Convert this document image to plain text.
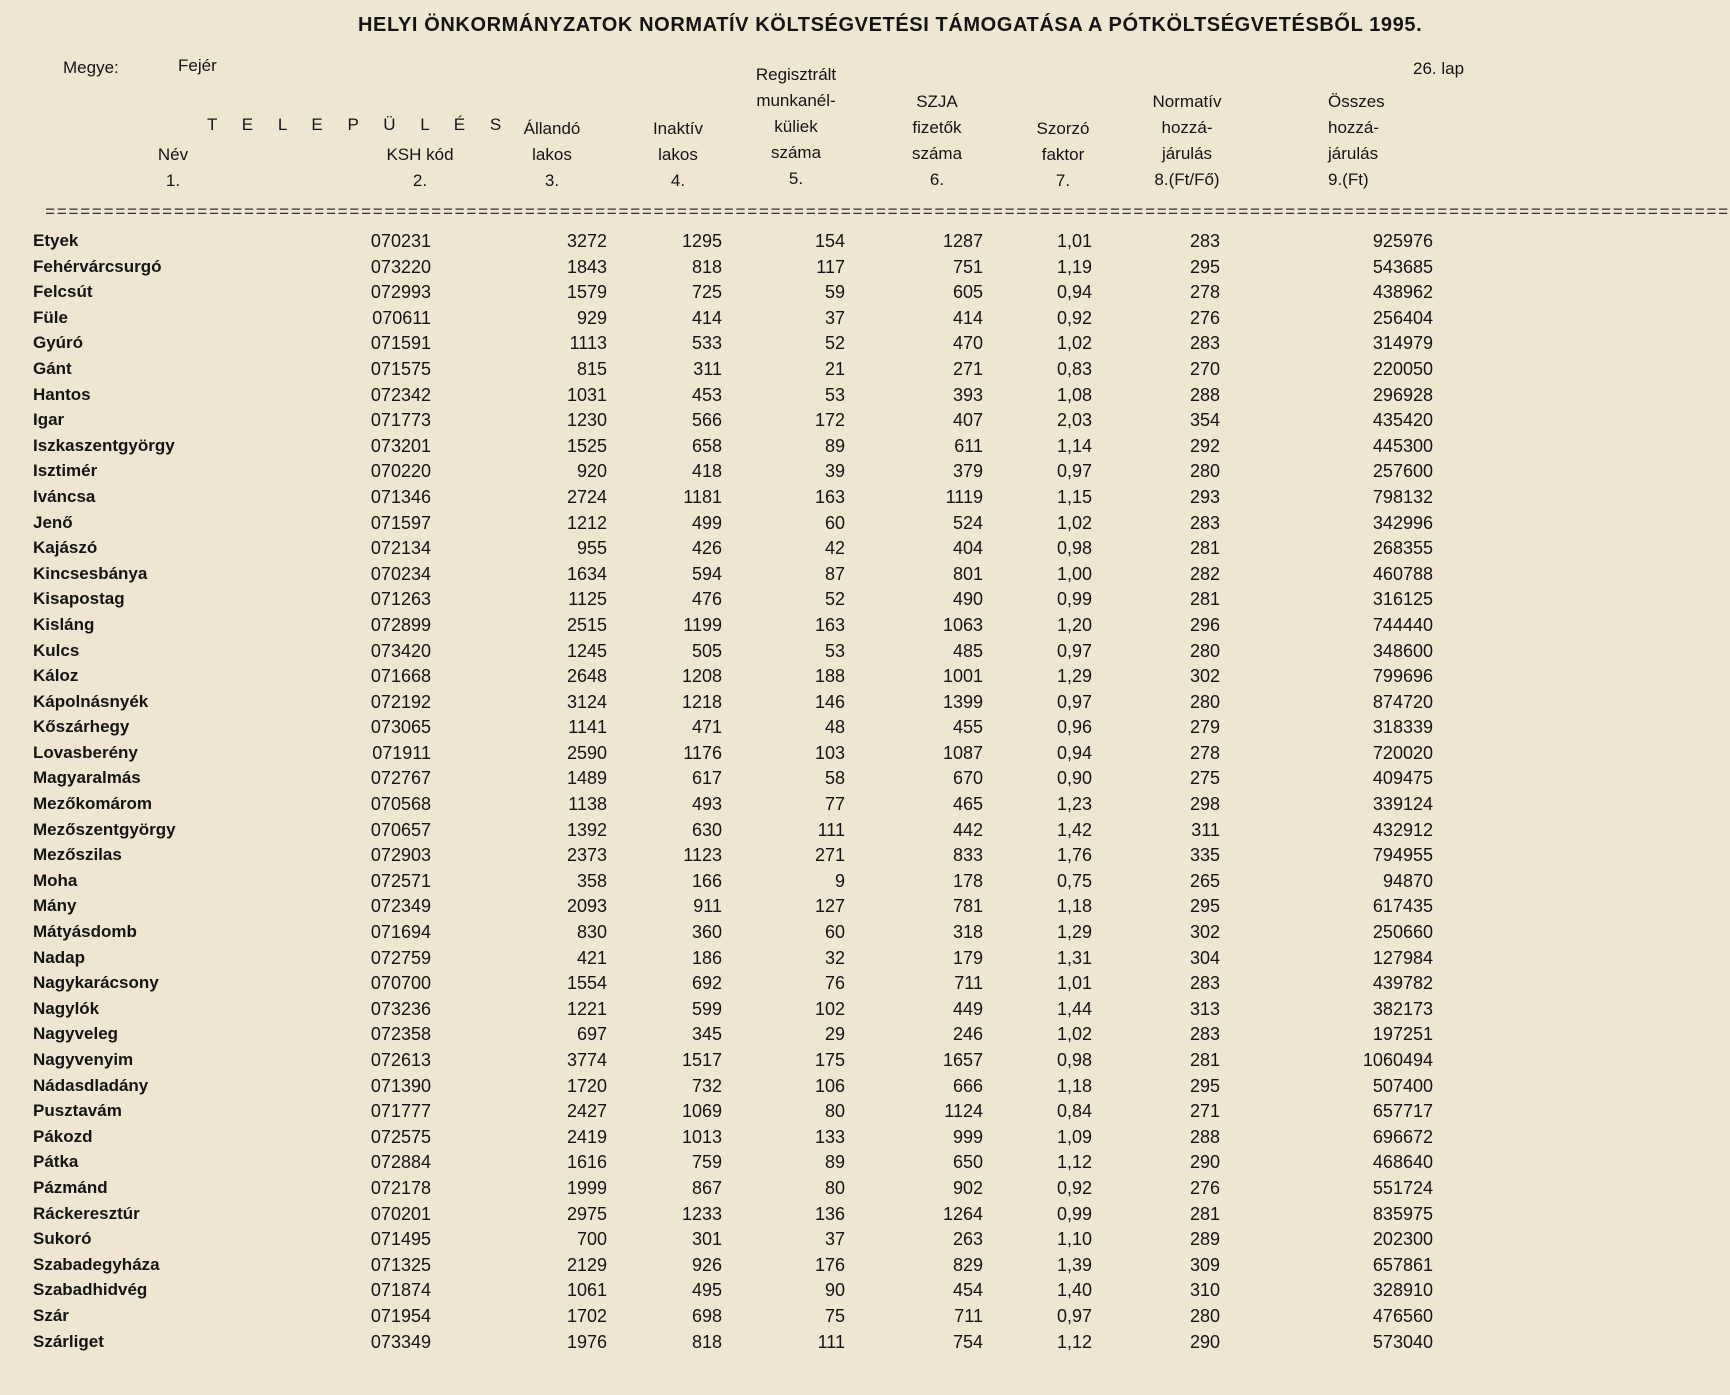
HELYI ÖNKORMÁNYZATOK NORMATÍV KÖLTSÉGVETÉSI TÁMOGATÁSA A PÓTKÖLTSÉGVETÉSBŐL 1995.
Megye:	Fejér	26. lap
T E L E P Ü L É S
Név
1.
KSH kód
2.
Állandó
lakos
3.
Inaktív
lakos
4.
Regisztrált
munkanél-
küliek
száma
5.
SZJA
fizetők
száma
6.
Szorzó
faktor
7.
Normatív
hozzá-
járulás
8.(Ft/Fő)
Összes
hozzá-
járulás
9.(Ft)
================================================================================================ ================================================
Etyek	070231	3272	1295	154	1287	1,01	283	925976
Fehérvárcsurgó	073220	1843	818	117	751	1,19	295	543685
Felcsút	072993	1579	725	59	605	0,94	278	438962
Füle	070611	929	414	37	414	0,92	276	256404
Gyúró	071591	1113	533	52	470	1,02	283	314979
Gánt	071575	815	311	21	271	0,83	270	220050
Hantos	072342	1031	453	53	393	1,08	288	296928
Igar	071773	1230	566	172	407	2,03	354	435420
Iszkaszentgyörgy	073201	1525	658	89	611	1,14	292	445300
Isztimér	070220	920	418	39	379	0,97	280	257600
Iváncsa	071346	2724	1181	163	1119	1,15	293	798132
Jenő	071597	1212	499	60	524	1,02	283	342996
Kajászó	072134	955	426	42	404	0,98	281	268355
Kincsesbánya	070234	1634	594	87	801	1,00	282	460788
Kisapostag	071263	1125	476	52	490	0,99	281	316125
Kisláng	072899	2515	1199	163	1063	1,20	296	744440
Kulcs	073420	1245	505	53	485	0,97	280	348600
Káloz	071668	2648	1208	188	1001	1,29	302	799696
Kápolnásnyék	072192	3124	1218	146	1399	0,97	280	874720
Kőszárhegy	073065	1141	471	48	455	0,96	279	318339
Lovasberény	071911	2590	1176	103	1087	0,94	278	720020
Magyaralmás	072767	1489	617	58	670	0,90	275	409475
Mezőkomárom	070568	1138	493	77	465	1,23	298	339124
Mezőszentgyörgy	070657	1392	630	111	442	1,42	311	432912
Mezőszilas	072903	2373	1123	271	833	1,76	335	794955
Moha	072571	358	166	9	178	0,75	265	94870
Mány	072349	2093	911	127	781	1,18	295	617435
Mátyásdomb	071694	830	360	60	318	1,29	302	250660
Nadap	072759	421	186	32	179	1,31	304	127984
Nagykarácsony	070700	1554	692	76	711	1,01	283	439782
Nagylók	073236	1221	599	102	449	1,44	313	382173
Nagyveleg	072358	697	345	29	246	1,02	283	197251
Nagyvenyim	072613	3774	1517	175	1657	0,98	281	1060494
Nádasdladány	071390	1720	732	106	666	1,18	295	507400
Pusztavám	071777	2427	1069	80	1124	0,84	271	657717
Pákozd	072575	2419	1013	133	999	1,09	288	696672
Pátka	072884	1616	759	89	650	1,12	290	468640
Pázmánd	072178	1999	867	80	902	0,92	276	551724
Ráckeresztúr	070201	2975	1233	136	1264	0,99	281	835975
Sukoró	071495	700	301	37	263	1,10	289	202300
Szabadegyháza	071325	2129	926	176	829	1,39	309	657861
Szabadhidvég	071874	1061	495	90	454	1,40	310	328910
Szár	071954	1702	698	75	711	0,97	280	476560
Szárliget	073349	1976	818	111	754	1,12	290	573040
